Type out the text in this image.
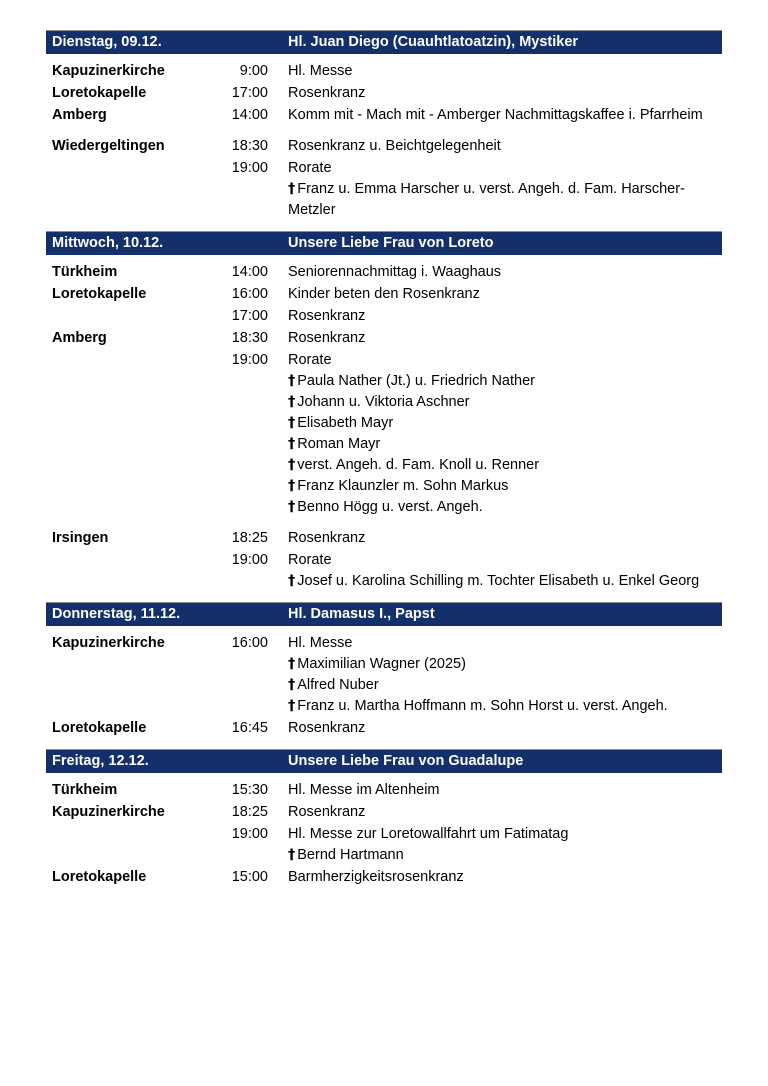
Dienstag, 09.12.	Hl. Juan Diego (Cuauhtlatoatzin), Mystiker
Kapuzinerkirche	9:00 Hl. Messe
Loretokapelle	17:00 Rosenkranz
Amberg	14:00 Komm mit - Mach mit - Amberger Nachmittagskaffee i. Pfarrheim
Wiedergeltingen	18:30 Rosenkranz u. Beichtgelegenheit
19:00 Rorate
† Franz u. Emma Harscher u. verst. Angeh. d. Fam. Harscher-Metzler
Mittwoch, 10.12.	Unsere Liebe Frau von Loreto
Türkheim	14:00 Seniorennachmittag i. Waaghaus
Loretokapelle	16:00 Kinder beten den Rosenkranz
17:00 Rosenkranz
Amberg	18:30 Rosenkranz
19:00 Rorate
† Paula Nather (Jt.) u. Friedrich Nather
† Johann u. Viktoria Aschner
† Elisabeth Mayr
† Roman Mayr
† verst. Angeh. d. Fam. Knoll u. Renner
† Franz Klaunzler m. Sohn Markus
† Benno Högg u. verst. Angeh.
Irsingen	18:25 Rosenkranz
19:00 Rorate
† Josef u. Karolina Schilling m. Tochter Elisabeth u. Enkel Georg
Donnerstag, 11.12.	Hl. Damasus I., Papst
Kapuzinerkirche	16:00 Hl. Messe
† Maximilian Wagner (2025)
† Alfred Nuber
† Franz u. Martha Hoffmann m. Sohn Horst u. verst. Angeh.
Loretokapelle	16:45 Rosenkranz
Freitag, 12.12.	Unsere Liebe Frau von Guadalupe
Türkheim	15:30 Hl. Messe im Altenheim
Kapuzinerkirche	18:25 Rosenkranz
19:00 Hl. Messe zur Loretowallfahrt um Fatimatag
† Bernd Hartmann
Loretokapelle	15:00 Barmherzigkeitsrosenkranz
